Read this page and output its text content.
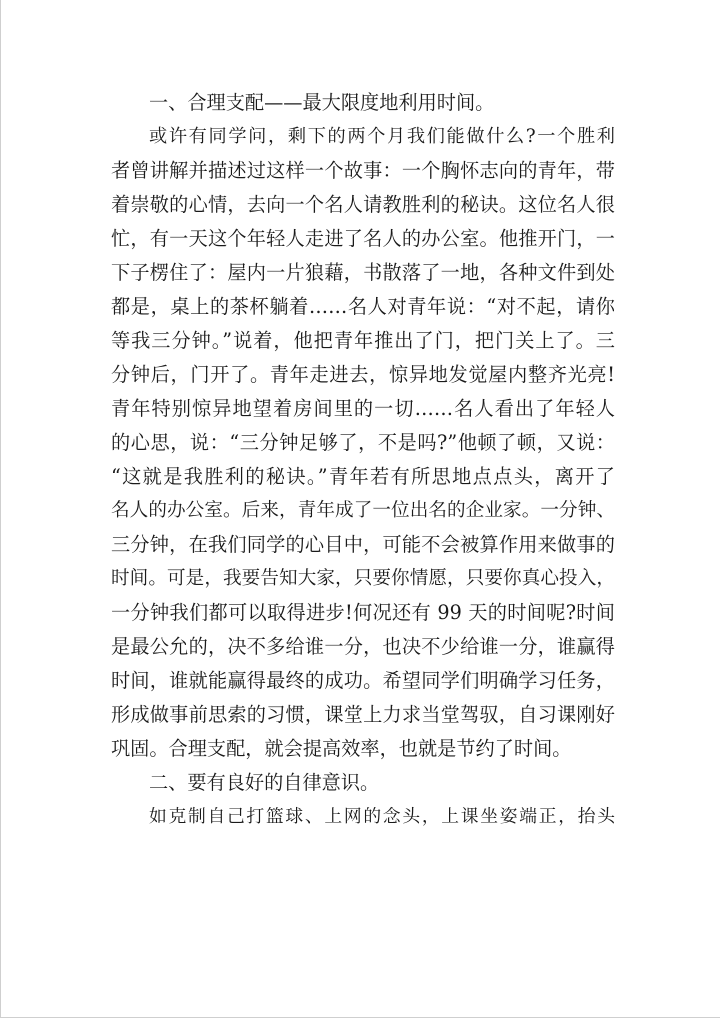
一、合理支配——最大限度地利用时间。
或许有同学问，剩下的两个月我们能做什么?一个胜利
者曾讲解并描述过这样一个故事：一个胸怀志向的青年，带
着崇敬的心情，去向一个名人请教胜利的秘诀。这位名人很
忙，有一天这个年轻人走进了名人的办公室。他推开门，一
下子楞住了：屋内一片狼藉，书散落了一地，各种文件到处
都是，桌上的茶杯躺着……名人对青年说：“对不起，请你
等我三分钟。”说着，他把青年推出了门，把门关上了。三
分钟后，门开了。青年走进去，惊异地发觉屋内整齐光亮!
青年特别惊异地望着房间里的一切……名人看出了年轻人
的心思，说：“三分钟足够了，不是吗?”他顿了顿，又说：
“这就是我胜利的秘诀。”青年若有所思地点点头，离开了
名人的办公室。后来，青年成了一位出名的企业家。一分钟、
三分钟，在我们同学的心目中，可能不会被算作用来做事的
时间。可是，我要告知大家，只要你情愿，只要你真心投入，
一分钟我们都可以取得进步!何况还有 99 天的时间呢?时间
是最公允的，决不多给谁一分，也决不少给谁一分，谁赢得
时间，谁就能赢得最终的成功。希望同学们明确学习任务，
形成做事前思索的习惯，课堂上力求当堂驾驭，自习课刚好
巩固。合理支配，就会提高效率，也就是节约了时间。
二、要有良好的自律意识。
如克制自己打篮球、上网的念头，上课坐姿端正，抬头
